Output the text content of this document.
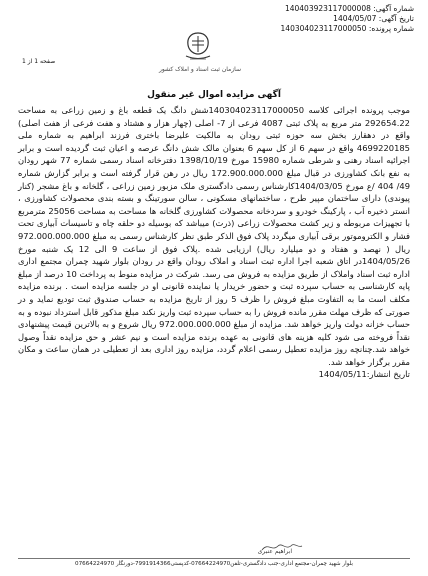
شماره آگهی: 140403923117000008
تاریخ آگهی: 1404/05/07
شماره پرونده: 140304023117000050
سازمان ثبت اسناد و املاک کشور
صفحه 1 از 1
آگهی مزایده اموال غیر منقول
موجب پرونده اجرائی کلاسه 140304023117000050شش دانگ یک قطعه باغ و زمین زراعی به مساحت 292654.22 متر مربع به پلاک ثبتی 4087 فرعی از 7- اصلی (چهار هزار و هشتاد و هفت فرعی از هفت اصلی) واقع در دهقارز بخش سه حوزه ثبتی رودان به مالکیت علیرضا باختری فرزند ابراهیم به شماره ملی 4699220185 واقع در سهم 6 از کل سهم 6 بعنوان مالک شش دانگ عرصه و اعیان ثبت گردیده است و برابر اجرائیه اسناد رهنی و شرطی شماره 15980 مورخ 1398/10/19 دفترخانه اسناد رسمی شماره 77 شهر رودان به نفع بانک کشاورزی در قبال مبلغ 172.900.000.000 ریال در رهن قرار گرفته است و برابر گزارش شماره 49/ 404 /ع مورخ 1404/03/05کارشناس رسمی دادگستری ملک مزبور زمین زراعی ، گلخانه و باغ مشجر (کنار پیوندی) دارای ساختمان مپیر طرح ، ساختمانهای مسکونی ، سالن سورتینگ و بسته بندی محصولات کشاورزی ، انستر ذخیره آب ، پارکینگ خودرو و سردخانه محصولات کشاورزی گلخانه ها مساحت به مساحت 25056 مترمربع با تجهیزات مربوطه و زیر کشت محصولات زراعی (ذرت) میباشد که بوسیله دو حلقه چاه و تاسیسات آبیاری تحت فشار و الکتروموتور برقی آبیاری میگردد پلاک فوق الذکر طبق نظر کارشناس رسمی به مبلغ 972.000.000.000 ریال ( نهصد و هفتاد و دو میلیارد ریال) ارزیابی شده .پلاک فوق از ساعت 9 الی 12 یک شنبه مورخ 1404/05/26در اتاق شعبه اجرا اداره ثبت اسناد و املاک رودان واقع در رودان بلوار شهید چمران مجتمع اداری اداره ثبت اسناد واملاک از طریق مزایده به فروش می رسد. شرکت در مزایده منوط به پرداخت 10 درصد از مبلغ پایه کارشناسی به حساب سپرده ثبت و حضور خریدار یا نماینده قانونی او در جلسه مزایده است . برنده مزایده مکلف است ما به التفاوت مبلغ فروش را ظرف 5 روز از تاریخ مزایده به حساب صندوق ثبت تودیع نماید و در صورتی که ظرف مهلت مقرر مانده فروش را به حساب سپرده ثبت واریز نکند مبلغ مذکور قابل استرداد نبوده و به حساب خزانه دولت واریز خواهد شد. مزایده از مبلغ 972.000.000.000 ریال شروع و به بالاترین قیمت پیشنهادی نقداً فروخته می شود کلیه هزینه های قانونی به عهده برنده مزایده است و نیم عشر و حق مزایده نقداً وصول خواهد شد.چنانچه روز مزایده تعطیل رسمی اعلام گردد، مزایده روز اداری بعد از تعطیلی در همان ساعت و مکان مقرر برگزار خواهد شد.
تاریخ انتشار:1404/05/11
ابراهیم عنبری
بلوار شهید چمران-مجتمع اداری-جنب دادگستری-تلفن07664224970-کدپستی7991914366-دورنگار 07664224970
